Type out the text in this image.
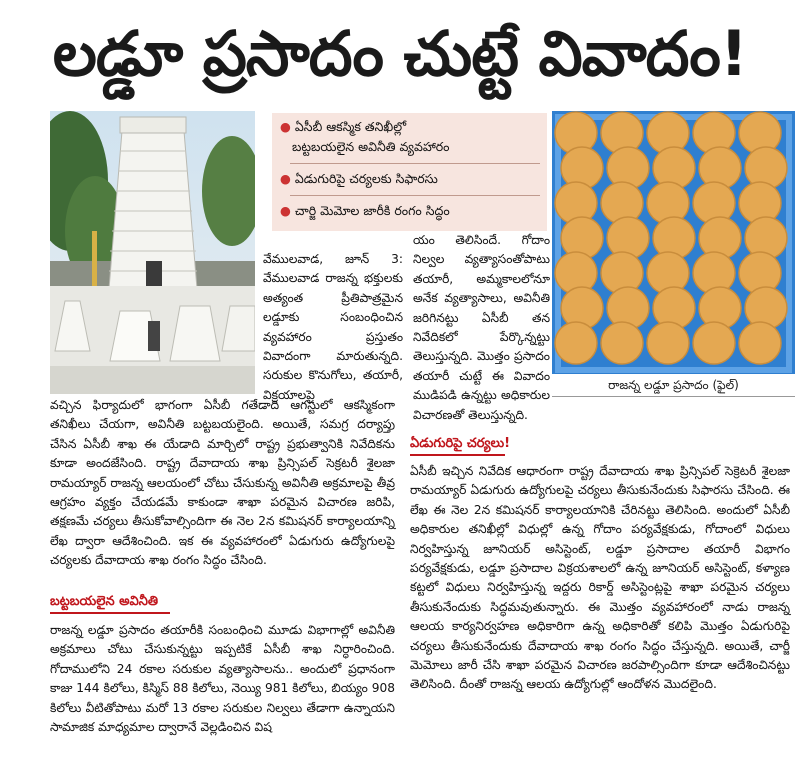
లడ్డూ ప్రసాదం చుట్టే వివాదం!
● ఏసీబీ ఆకస్మిక తనిఖీల్లో
బట్టబయలైన అవినీతి వ్యవహారం
● ఏడుగురిపై చర్యలకు సిఫారసు
● చార్జి మెమోల జారీకి రంగం సిద్ధం
రాజన్న లడ్డూ ప్రసాదం (ఫైల్)

వేములవాడ, జూన్ 3: వేములవాడ రాజన్న భక్తులకు అత్యంత ప్రీతిపాత్రమైన లడ్డూకు సంబంధించిన వ్యవహారం ప్రస్తుతం వివాదంగా మారుతున్నది. సరుకుల కొనుగోలు, తయారీ, విక్రయాలపై

యం తెలిసిందే. గోదాం నిల్వల వ్యత్యాసంతోపాటు తయారీ, అమ్మకాలలోనూ అనేక వ్యత్యాసాలు, అవినీతి జరిగినట్టు ఏసీబీ తన నివేదికలో పేర్కొన్నట్టు తెలుస్తున్నది. మొత్తం ప్రసాదం తయారీ చుట్టే ఈ వివాదం ముడిపడి ఉన్నట్టు అధికారుల విచారణతో తెలుస్తున్నది.

వచ్చిన ఫిర్యాదులో భాగంగా ఏసీబీ గతేడాది ఆగస్టులో ఆకస్మికంగా తనిఖీలు చేయగా, అవినీతి బట్టబయలైంది. అయితే, సమగ్ర దర్యాప్తు చేసిన ఏసీబీ శాఖ ఈ యేడాది మార్చిలో రాష్ట్ర ప్రభుత్వానికి నివేదికను కూడా అందజేసింది. రాష్ట్ర దేవాదాయ శాఖ ప్రిన్సిపల్ సెక్రటరీ శైలజా రామయ్యార్ రాజన్న ఆలయంలో చోటు చేసుకున్న అవినీతి అక్రమాలపై తీవ్ర ఆగ్రహం వ్యక్తం చేయడమే కాకుండా శాఖా పరమైన విచారణ జరిపి, తక్షణమే చర్యలు తీసుకోవాల్సిందిగా ఈ నెల 2న కమిషనర్ కార్యాలయాన్ని లేఖ ద్వారా ఆదేశించింది. ఇక ఈ వ్యవహారంలో ఏడుగురు ఉద్యోగులపై చర్యలకు దేవాదాయ శాఖ రంగం సిద్ధం చేసింది.

బట్టబయలైన అవినీతి

రాజన్న లడ్డూ ప్రసాదం తయారీకి సంబంధించి మూడు విభాగాల్లో అవినీతి అక్రమాలు చోటు చేసుకున్నట్టు ఇప్పటికే ఏసీబీ శాఖ నిర్ధారించింది. గోదాములోని 24 రకాల సరుకుల వ్యత్యాసాలను.. అందులో ప్రధానంగా కాజు 144 కిలోలు, కిస్మిస్ 88 కిలోలు, నెయ్యి 981 కిలోలు, బియ్యం 908 కిలోలు వీటితోపాటు మరో 13 రకాల సరుకుల నిల్వలు తేడాగా ఉన్నాయని సామాజిక మాధ్యమాల ద్వారానే వెల్లడించిన విష

ఏడుగురిపై చర్యలు!

ఏసీబీ ఇచ్చిన నివేదిక ఆధారంగా రాష్ట్ర దేవాదాయ శాఖ ప్రిన్సిపల్ సెక్రెటరీ శైలజా రామయ్యార్ ఏడుగురు ఉద్యోగులపై చర్యలు తీసుకునేందుకు సిఫారసు చేసింది. ఈ లేఖ ఈ నెల 2న కమిషనర్ కార్యాలయానికి చేరినట్టు తెలిసింది. అందులో ఏసీబీ అధికారుల తనిఖీల్లో విధుల్లో ఉన్న గోదాం పర్యవేక్షకుడు, గోదాంలో విధులు నిర్వహిస్తున్న జూనియర్ అసిస్టెంట్, లడ్డూ ప్రసాదాల తయారీ విభాగం పర్యవేక్షకుడు, లడ్డూ ప్రసాదాల విక్రయశాలలో ఉన్న జూనియర్ అసిస్టెంట్, కళ్యాణ కట్టలో విధులు నిర్వహిస్తున్న ఇద్దరు రికార్డ్ అసిస్టెంట్లపై శాఖా పరమైన చర్యలు తీసుకునేందుకు సిద్ధమవుతున్నారు. ఈ మొత్తం వ్యవహారంలో నాడు రాజన్న ఆలయ కార్యనిర్వహణ అధికారిగా ఉన్న అధికారితో కలిపి మొత్తం ఏడుగురిపై చర్యలు తీసుకునేందుకు దేవాదాయ శాఖ రంగం సిద్ధం చేస్తున్నది. అయితే, చార్జీ మెమోలు జారీ చేసి శాఖా పరమైన విచారణ జరపాల్సిందిగా కూడా ఆదేశించినట్టు తెలిసింది. దీంతో రాజన్న ఆలయ ఉద్యోగుల్లో ఆందోళన మొదలైంది.
